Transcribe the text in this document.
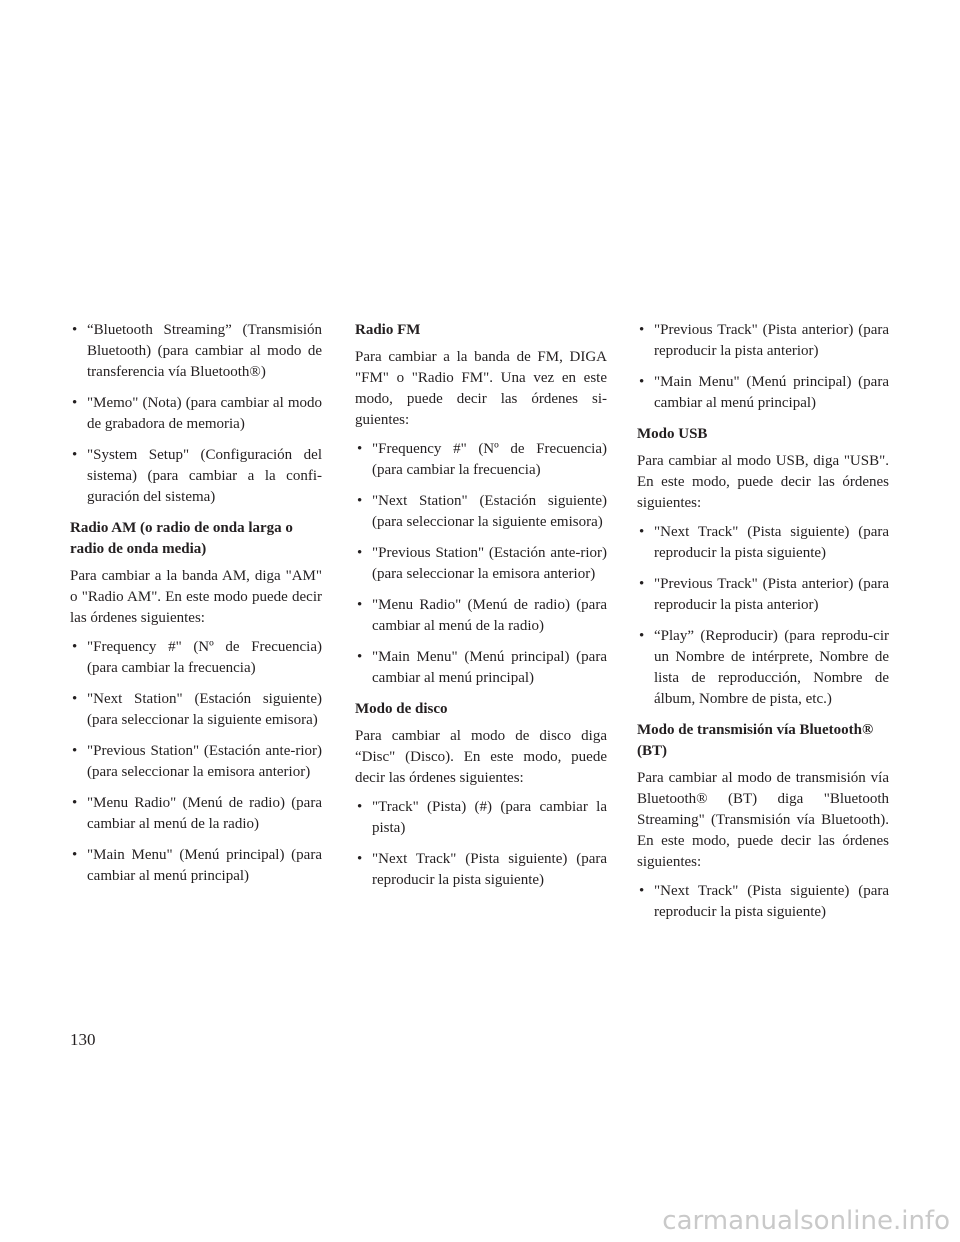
• “Bluetooth Streaming” (Transmisión Bluetooth) (para cambiar al modo de transferencia vía Bluetooth®)
• "Memo" (Nota) (para cambiar al modo de grabadora de memoria)
• "System Setup" (Configuración del sistema) (para cambiar a la confi-guración del sistema)
Radio AM (o radio de onda larga o radio de onda media)
Para cambiar a la banda AM, diga "AM" o "Radio AM". En este modo puede decir las órdenes siguientes:
• "Frequency #" (Nº de Frecuencia) (para cambiar la frecuencia)
• "Next Station" (Estación siguiente) (para seleccionar la siguiente emisora)
• "Previous Station" (Estación ante-rior) (para seleccionar la emisora anterior)
• "Menu Radio" (Menú de radio) (para cambiar al menú de la radio)
• "Main Menu" (Menú principal) (para cambiar al menú principal)
Radio FM
Para cambiar a la banda de FM, DIGA "FM" o "Radio FM". Una vez en este modo, puede decir las órdenes si-guientes:
• "Frequency #" (Nº de Frecuencia) (para cambiar la frecuencia)
• "Next Station" (Estación siguiente) (para seleccionar la siguiente emisora)
• "Previous Station" (Estación ante-rior) (para seleccionar la emisora anterior)
• "Menu Radio" (Menú de radio) (para cambiar al menú de la radio)
• "Main Menu" (Menú principal) (para cambiar al menú principal)
Modo de disco
Para cambiar al modo de disco diga “Disc" (Disco). En este modo, puede decir las órdenes siguientes:
• "Track" (Pista) (#) (para cambiar la pista)
• "Next Track" (Pista siguiente) (para reproducir la pista siguiente)
• "Previous Track" (Pista anterior) (para reproducir la pista anterior)
• "Main Menu" (Menú principal) (para cambiar al menú principal)
Modo USB
Para cambiar al modo USB, diga "USB". En este modo, puede decir las órdenes siguientes:
• "Next Track" (Pista siguiente) (para reproducir la pista siguiente)
• "Previous Track" (Pista anterior) (para reproducir la pista anterior)
• “Play” (Reproducir) (para reprodu-cir un Nombre de intérprete, Nombre de lista de reproducción, Nombre de álbum, Nombre de pista, etc.)
Modo de transmisión vía Bluetooth® (BT)
Para cambiar al modo de transmisión vía Bluetooth® (BT) diga "Bluetooth Streaming" (Transmisión vía Bluetooth). En este modo, puede decir las órdenes siguientes:
• "Next Track" (Pista siguiente) (para reproducir la pista siguiente)
130
carmanualsonline.info
